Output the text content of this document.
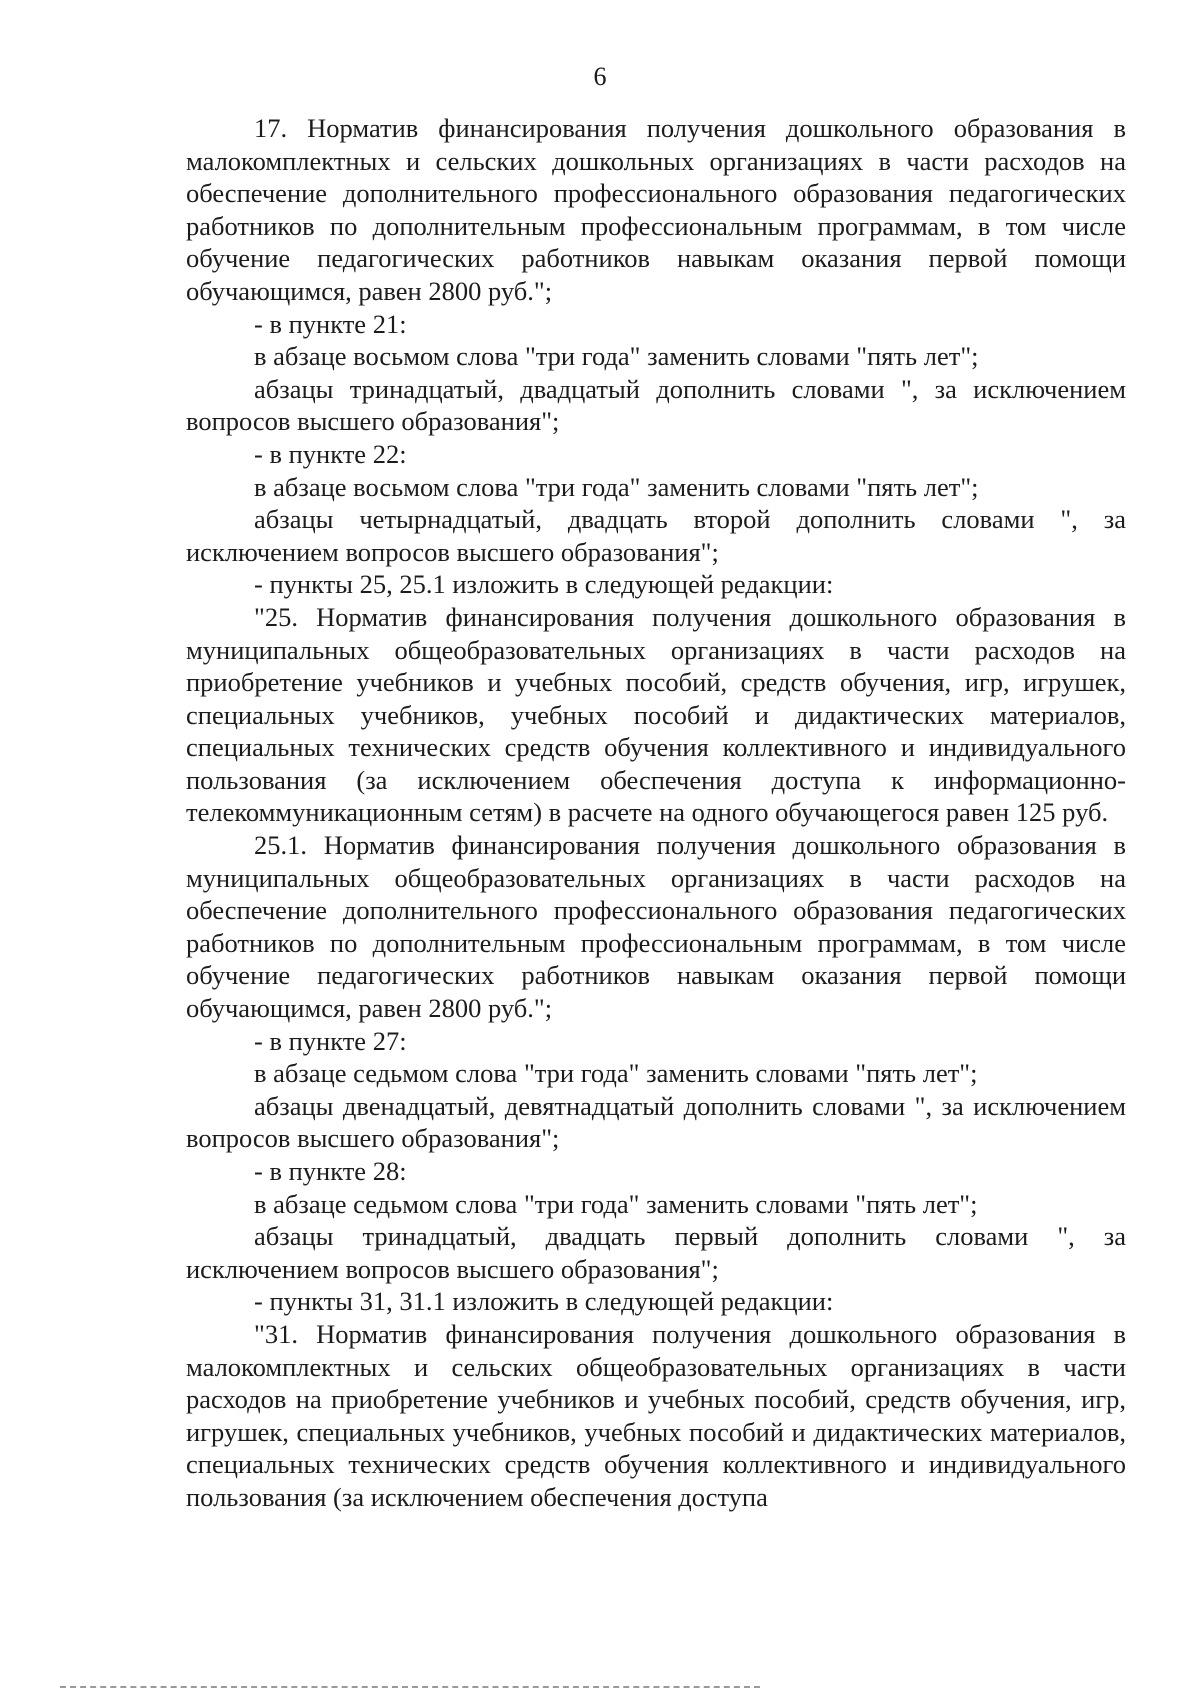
6

17. Норматив финансирования получения дошкольного образования в малокомплектных и сельских дошкольных организациях в части расходов на обеспечение дополнительного профессионального образования педагогических работников по дополнительным профессиональным программам, в том числе обучение педагогических работников навыкам оказания первой помощи обучающимся, равен 2800 руб.";

- в пункте 21:

в абзаце восьмом слова "три года" заменить словами "пять лет";

абзацы тринадцатый, двадцатый дополнить словами ", за исключением вопросов высшего образования";

- в пункте 22:

в абзаце восьмом слова "три года" заменить словами "пять лет";

абзацы четырнадцатый, двадцать второй дополнить словами ", за исключением вопросов высшего образования";

- пункты 25, 25.1 изложить в следующей редакции:

"25. Норматив финансирования получения дошкольного образования в муниципальных общеобразовательных организациях в части расходов на приобретение учебников и учебных пособий, средств обучения, игр, игрушек, специальных учебников, учебных пособий и дидактических материалов, специальных технических средств обучения коллективного и индивидуального пользования (за исключением обеспечения доступа к информационно-телекоммуникационным сетям) в расчете на одного обучающегося равен 125 руб.

25.1. Норматив финансирования получения дошкольного образования в муниципальных общеобразовательных организациях в части расходов на обеспечение дополнительного профессионального образования педагогических работников по дополнительным профессиональным программам, в том числе обучение педагогических работников навыкам оказания первой помощи обучающимся, равен 2800 руб.";

- в пункте 27:

в абзаце седьмом слова "три года" заменить словами "пять лет";

абзацы двенадцатый, девятнадцатый дополнить словами ", за исключением вопросов высшего образования";

- в пункте 28:

в абзаце седьмом слова "три года" заменить словами "пять лет";

абзацы тринадцатый, двадцать первый дополнить словами ", за исключением вопросов высшего образования";

- пункты 31, 31.1 изложить в следующей редакции:

"31. Норматив финансирования получения дошкольного образования в малокомплектных и сельских общеобразовательных организациях в части расходов на приобретение учебников и учебных пособий, средств обучения, игр, игрушек, специальных учебников, учебных пособий и дидактических материалов, специальных технических средств обучения коллективного и индивидуального пользования (за исключением обеспечения доступа
